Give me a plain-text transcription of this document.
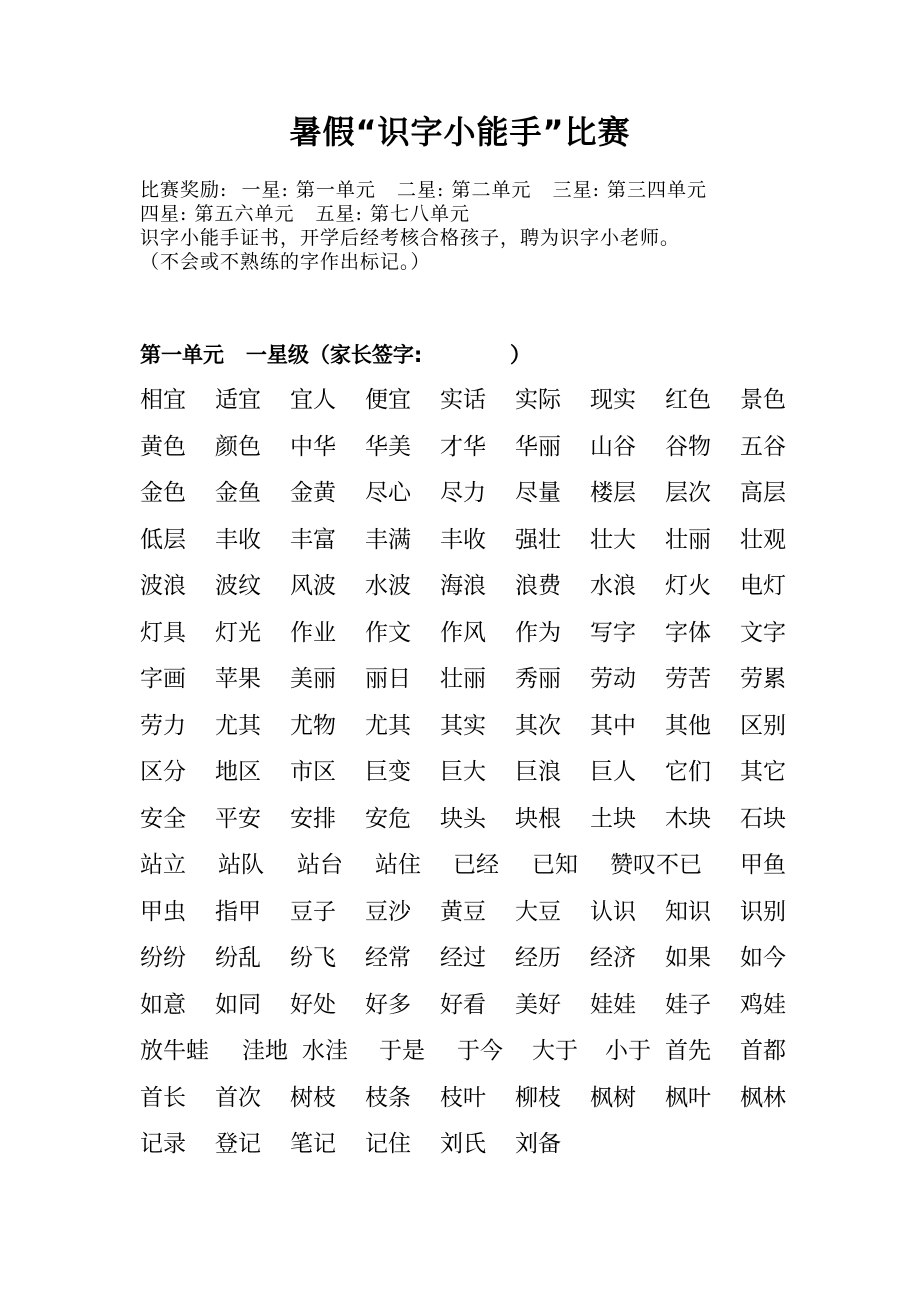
暑假“识字小能手”比赛
比赛奖励:  一星: 第一单元   二星: 第二单元   三星: 第三四单元
四星: 第五六单元   五星: 第七八单元
识字小能手证书，开学后经考核合格孩子，聘为识字小老师。
（不会或不熟练的字作出标记。）
第一单元   一星级（家长签字:            ）
相宜 适宜 宜人 便宜 实话 实际 现实 红色 景色
黄色 颜色 中华 华美 才华 华丽 山谷 谷物 五谷
金色 金鱼 金黄 尽心 尽力 尽量 楼层 层次 高层
低层 丰收 丰富 丰满 丰收 强壮 壮大 壮丽 壮观
波浪 波纹 风波 水波 海浪 浪费 水浪 灯火 电灯
灯具 灯光 作业 作文 作风 作为 写字 字体 文字
字画 苹果 美丽 丽日 壮丽 秀丽 劳动 劳苦 劳累
劳力 尤其 尤物 尤其 其实 其次 其中 其他 区别
区分 地区 市区 巨变 巨大 巨浪 巨人 它们 其它
安全 平安 安排 安危 块头 块根 土块 木块 石块
站立 站队 站台 站住 已经 已知 赞叹不已 甲鱼
甲虫 指甲 豆子 豆沙 黄豆 大豆 认识 知识 识别
纷纷 纷乱 纷飞 经常 经过 经历 经济 如果 如今
如意 如同 好处 好多 好看 美好 娃娃 娃子 鸡娃
放牛蛙 洼地 水洼 于是 于今 大于 小于 首先 首都
首长 首次 树枝 枝条 枝叶 柳枝 枫树 枫叶 枫林
记录 登记 笔记 记住 刘氏 刘备
